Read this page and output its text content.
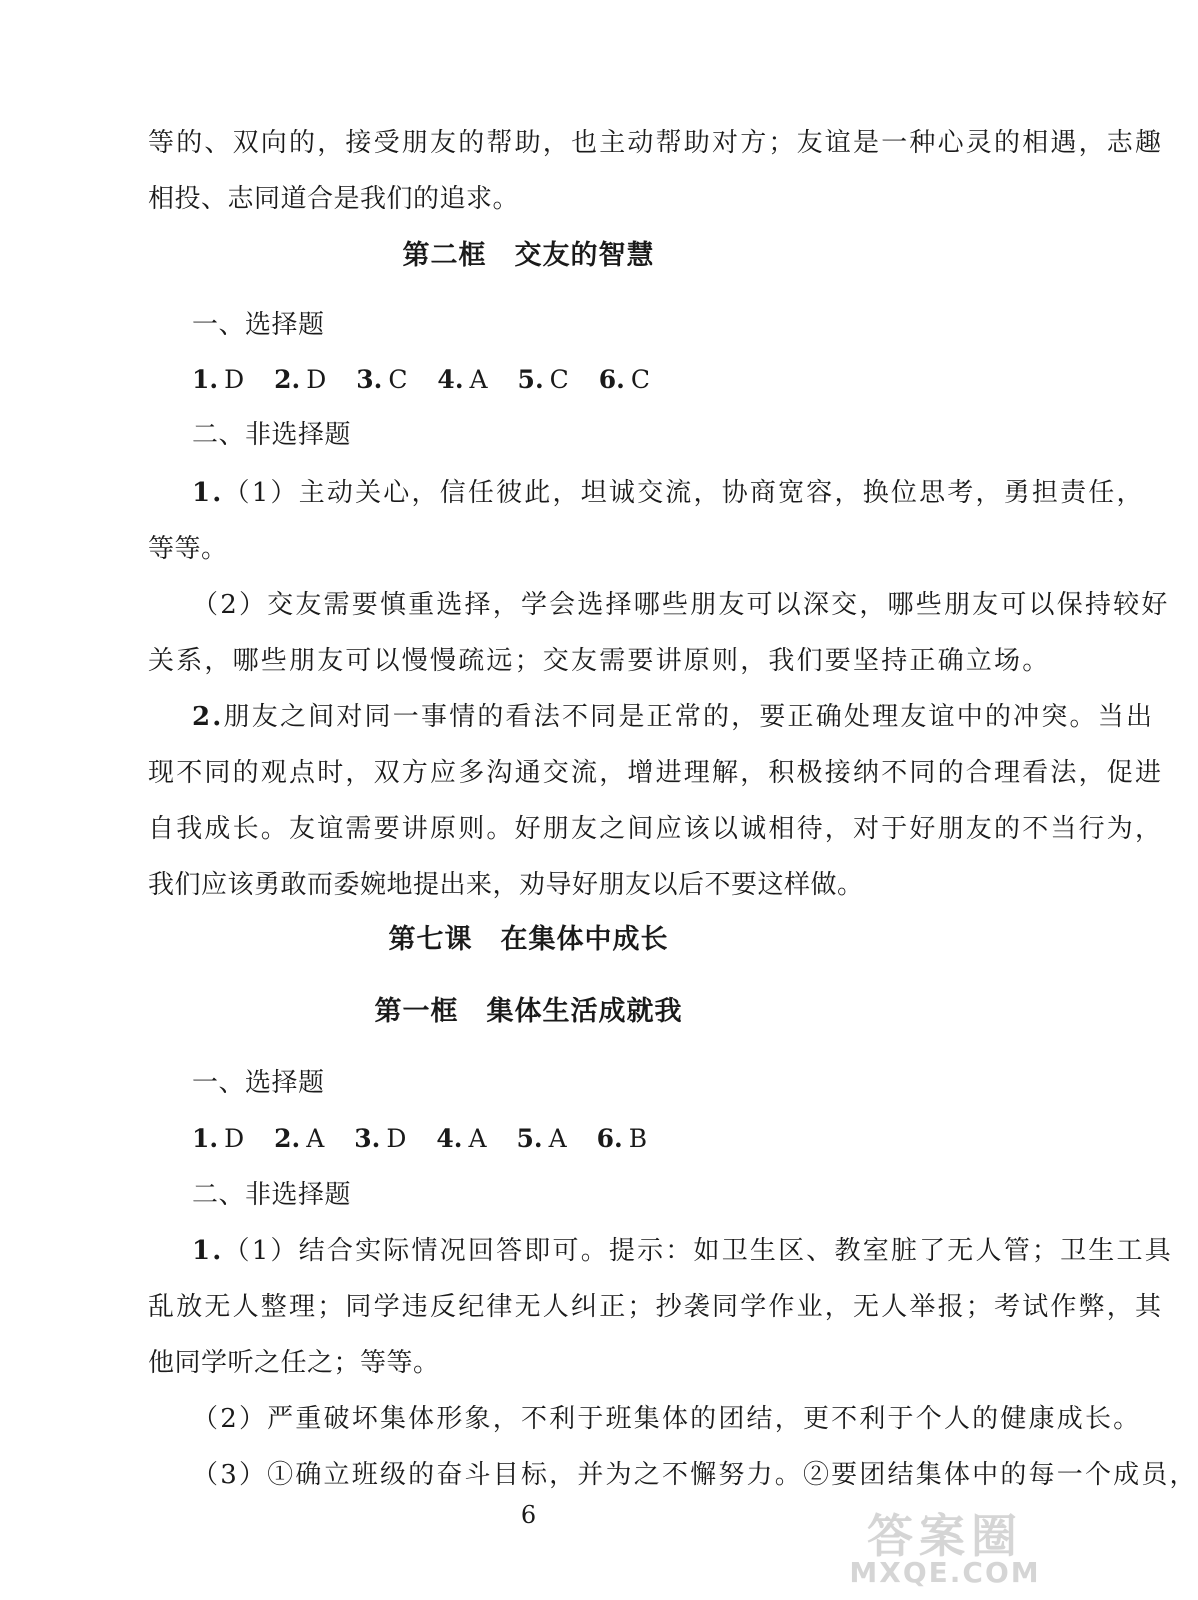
等的、双向的，接受朋友的帮助，也主动帮助对方；友谊是一种心灵的相遇，志趣
相投、志同道合是我们的追求。
第二框 交友的智慧
一、选择题
1. D 2. D 3. C 4. A 5. C 6. C
二、非选择题
1.（1）主动关心，信任彼此，坦诚交流，协商宽容，换位思考，勇担责任，
等等。
（2）交友需要慎重选择，学会选择哪些朋友可以深交，哪些朋友可以保持较好
关系，哪些朋友可以慢慢疏远；交友需要讲原则，我们要坚持正确立场。
2.朋友之间对同一事情的看法不同是正常的，要正确处理友谊中的冲突。当出
现不同的观点时，双方应多沟通交流，增进理解，积极接纳不同的合理看法，促进
自我成长。友谊需要讲原则。好朋友之间应该以诚相待，对于好朋友的不当行为，
我们应该勇敢而委婉地提出来，劝导好朋友以后不要这样做。
第七课 在集体中成长
第一框 集体生活成就我
一、选择题
1. D 2. A 3. D 4. A 5. A 6. B
二、非选择题
1.（1）结合实际情况回答即可。提示：如卫生区、教室脏了无人管；卫生工具
乱放无人整理；同学违反纪律无人纠正；抄袭同学作业，无人举报；考试作弊，其
他同学听之任之；等等。
（2）严重破坏集体形象，不利于班集体的团结，更不利于个人的健康成长。
（3）①确立班级的奋斗目标，并为之不懈努力。②要团结集体中的每一个成员，
6	答案圈
MXQE.COM
